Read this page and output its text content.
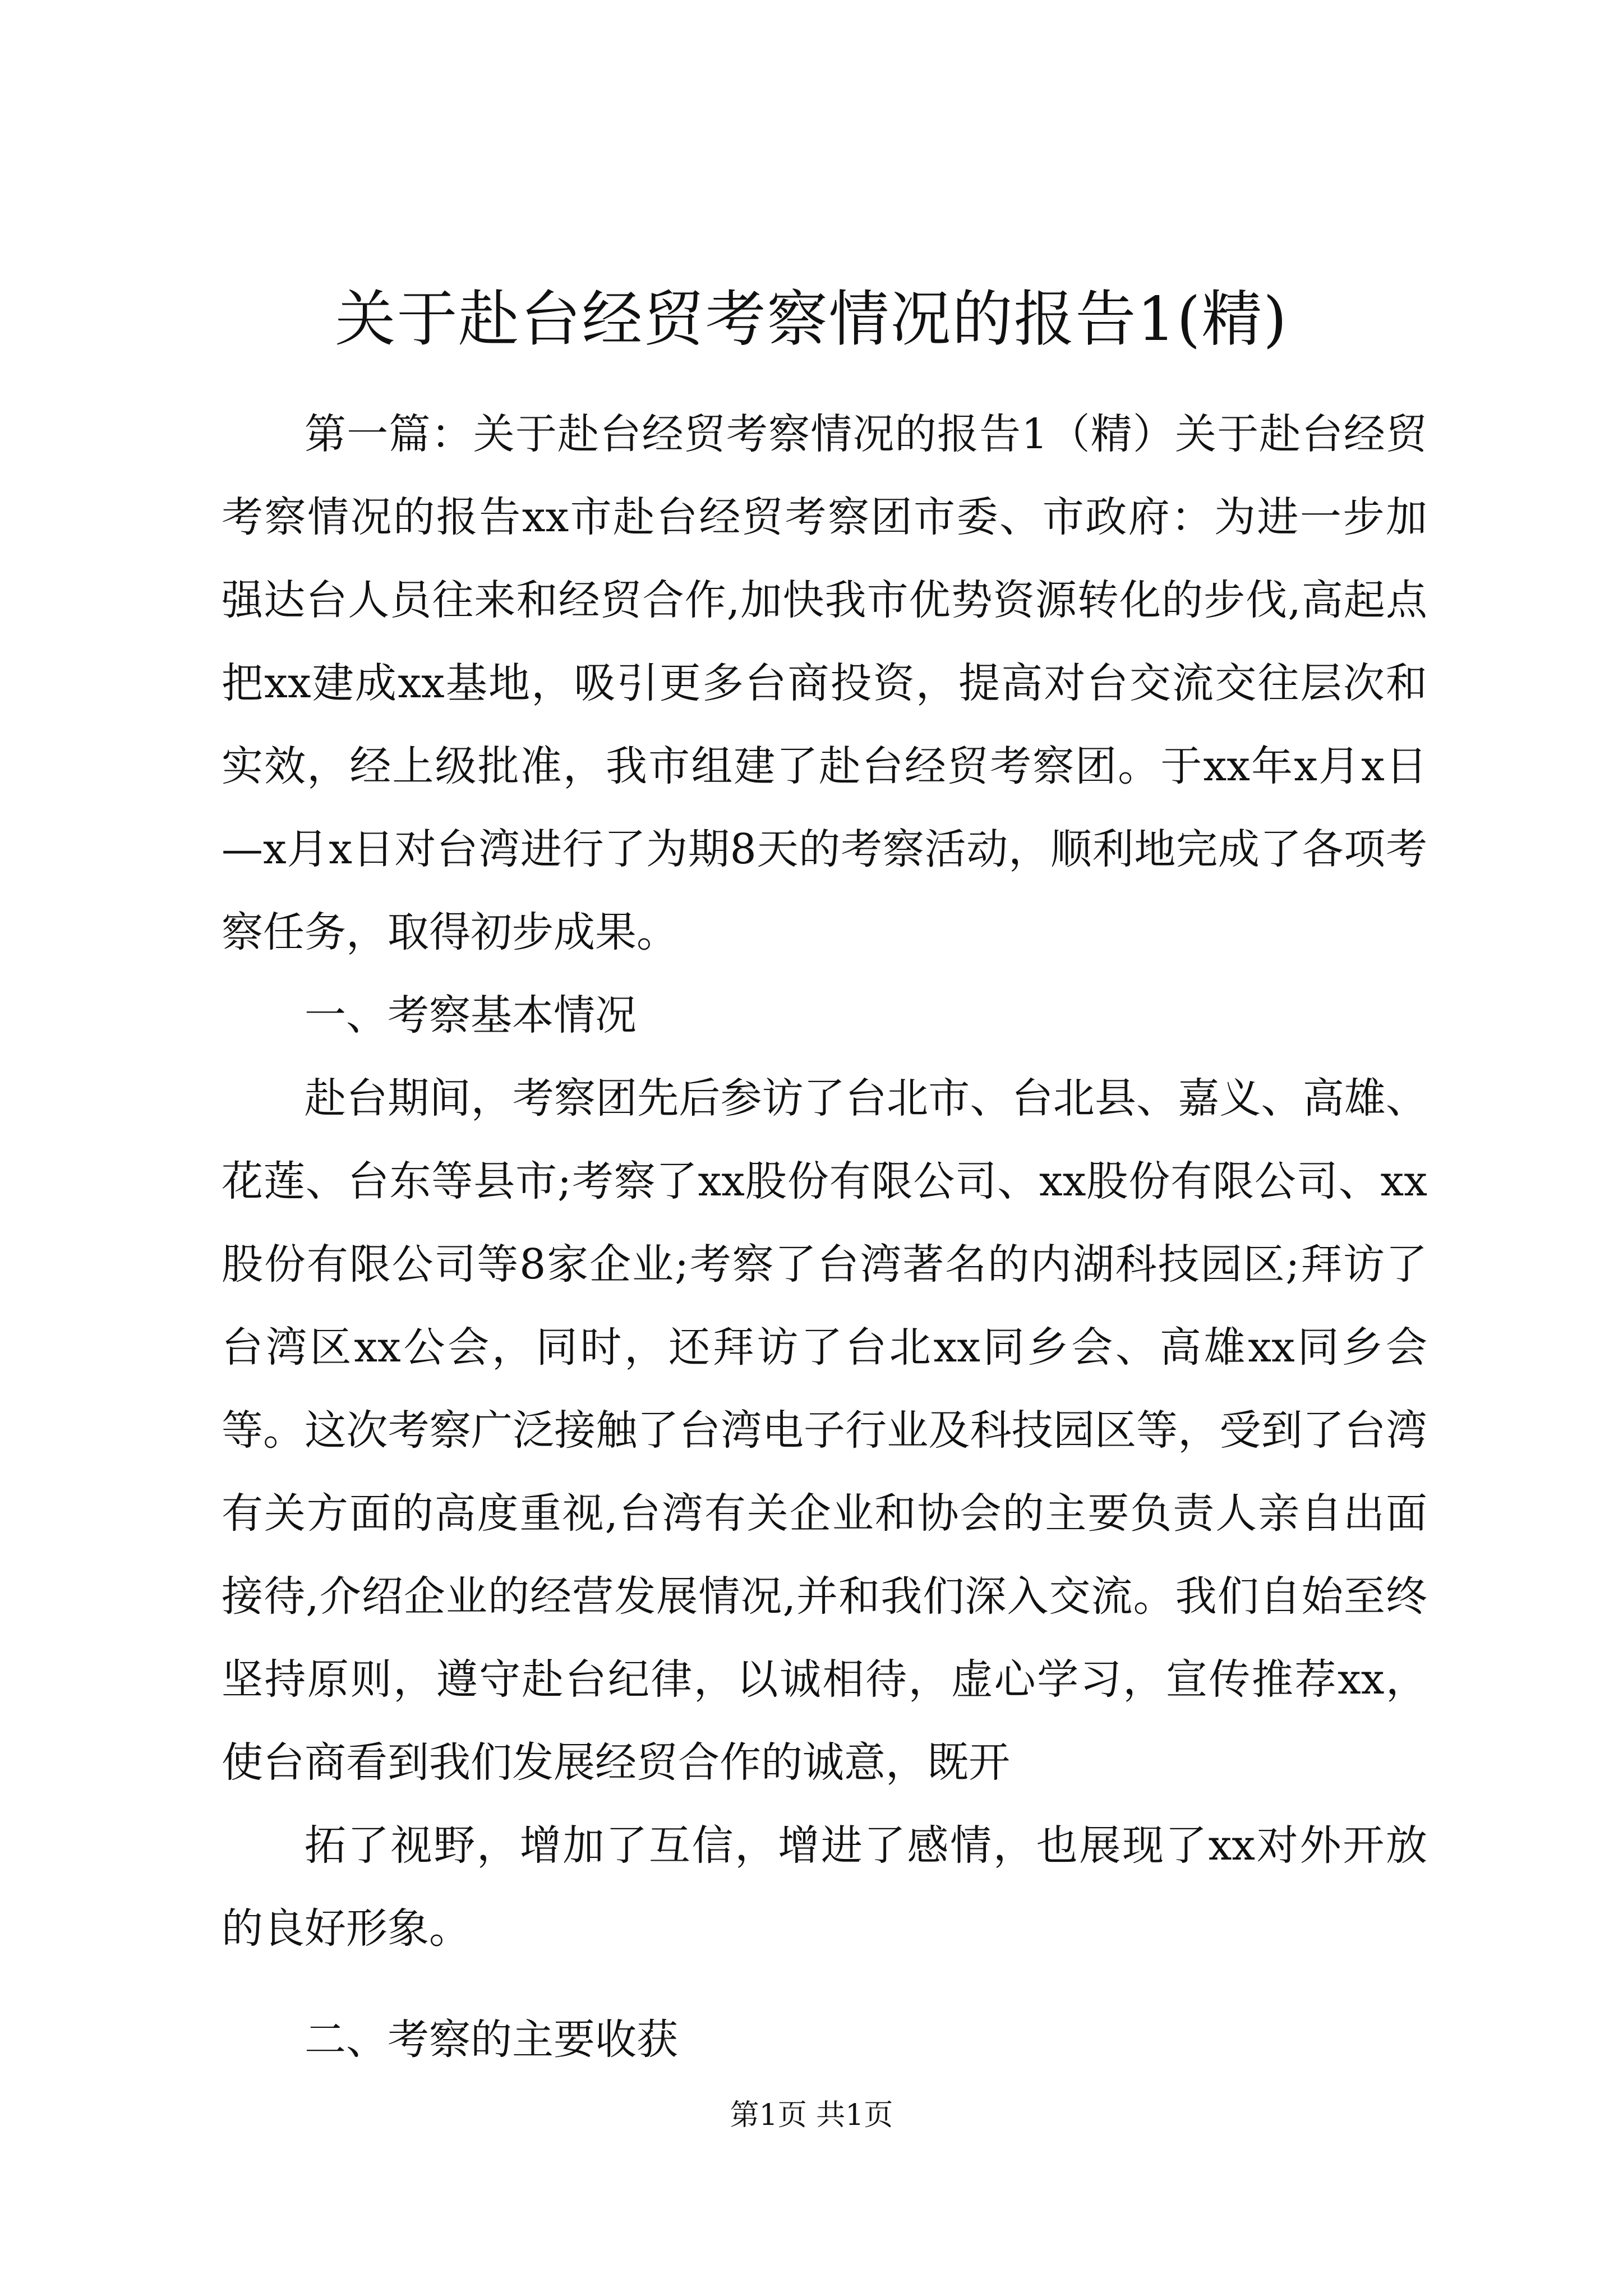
关于赴台经贸考察情况的报告1(精)

第一篇：关于赴台经贸考察情况的报告1（精）关于赴台经贸考察情况的报告xx市赴台经贸考察团市委、市政府：为进一步加强达台人员往来和经贸合作,加快我市优势资源转化的步伐,高起点把xx建成xx基地，吸引更多台商投资，提高对台交流交往层次和实效，经上级批准，我市组建了赴台经贸考察团。于xx年x月x日—x月x日对台湾进行了为期8天的考察活动，顺利地完成了各项考察任务，取得初步成果。

一、考察基本情况

赴台期间，考察团先后参访了台北市、台北县、嘉义、高雄、花莲、台东等县市;考察了xx股份有限公司、xx股份有限公司、xx股份有限公司等8家企业;考察了台湾著名的内湖科技园区;拜访了台湾区xx公会，同时，还拜访了台北xx同乡会、高雄xx同乡会等。这次考察广泛接触了台湾电子行业及科技园区等，受到了台湾有关方面的高度重视,台湾有关企业和协会的主要负责人亲自出面接待,介绍企业的经营发展情况,并和我们深入交流。我们自始至终坚持原则，遵守赴台纪律，以诚相待，虚心学习，宣传推荐xx，使台商看到我们发展经贸合作的诚意，既开

拓了视野，增加了互信，增进了感情，也展现了xx对外开放的良好形象。

二、考察的主要收获

第1页 共1页
